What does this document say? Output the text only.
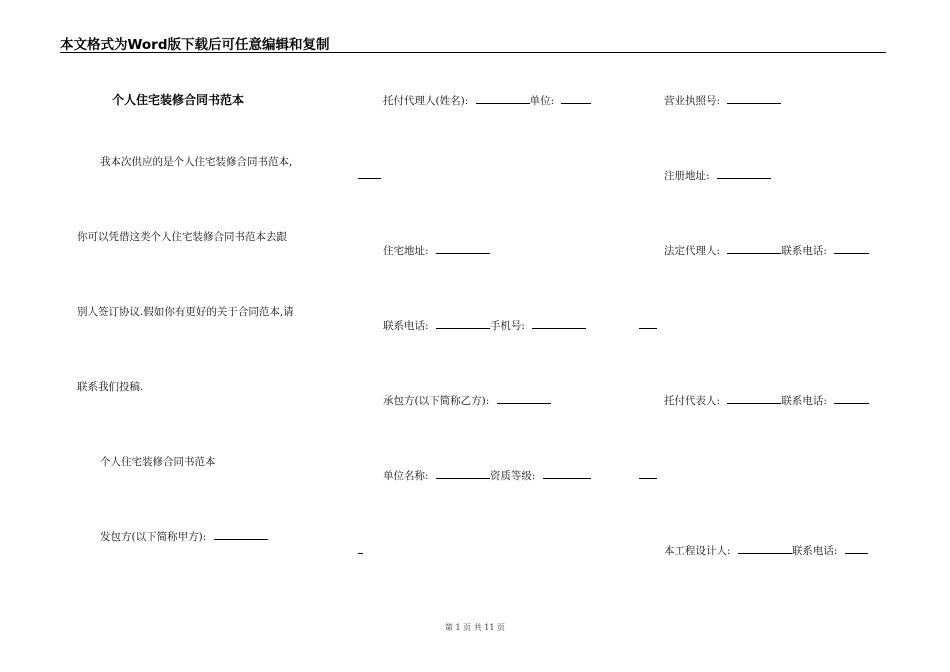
本文格式为Word版下载后可任意编辑和复制
个人住宅装修合同书范本
我本次供应的是个人住宅装修合同书范本,
你可以凭借这类个人住宅装修合同书范本去跟
别人签订协议.假如你有更好的关于合同范本,请
联系我们投稿.
个人住宅装修合同书范本
发包方(以下简称甲方):
托付代理人(姓名):	单位:
住宅地址:
联系电话:	手机号:
承包方(以下简称乙方):
单位名称:	资质等级:
营业执照号:
注册地址:
法定代理人:	联系电话:
托付代表人:	联系电话:
本工程设计人:	联系电话:
第 1 页 共 11 页
